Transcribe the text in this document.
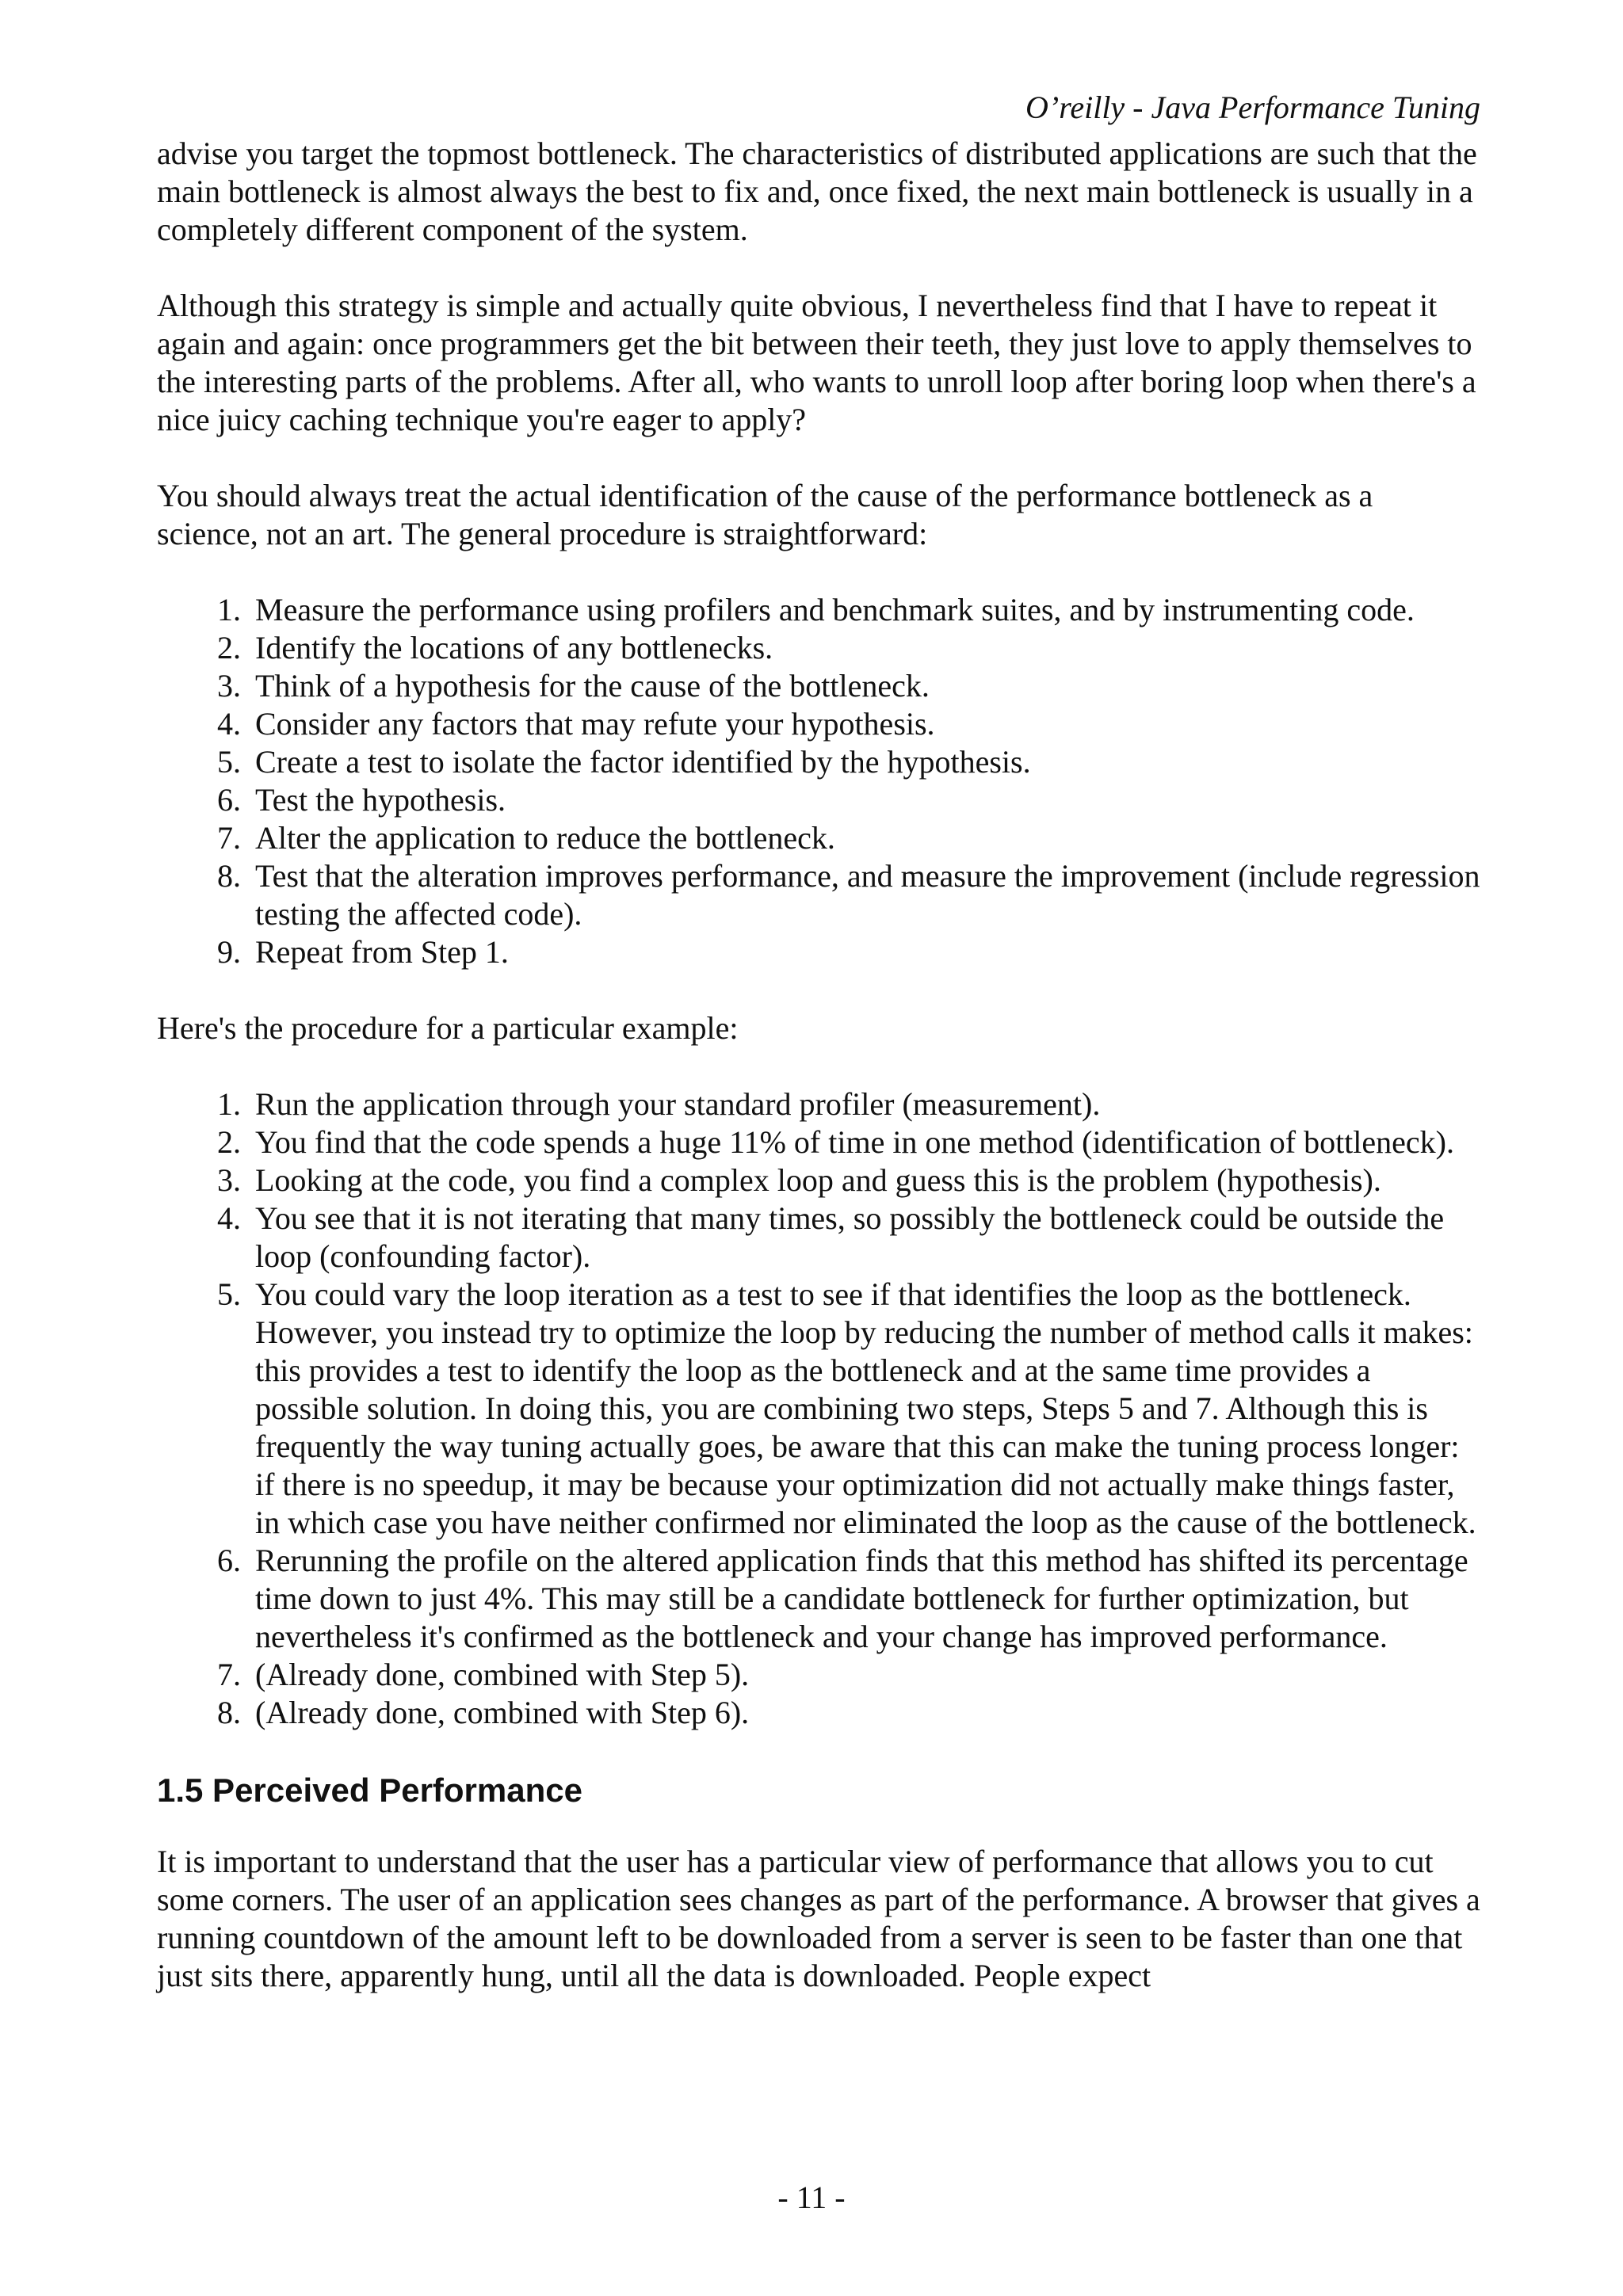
O’reilly - Java Performance Tuning

advise you target the topmost bottleneck. The characteristics of distributed applications are such that the main bottleneck is almost always the best to fix and, once fixed, the next main bottleneck is usually in a completely different component of the system.

Although this strategy is simple and actually quite obvious, I nevertheless find that I have to repeat it again and again: once programmers get the bit between their teeth, they just love to apply themselves to the interesting parts of the problems. After all, who wants to unroll loop after boring loop when there's a nice juicy caching technique you're eager to apply?

You should always treat the actual identification of the cause of the performance bottleneck as a science, not an art. The general procedure is straightforward:

1. Measure the performance using profilers and benchmark suites, and by instrumenting code.
2. Identify the locations of any bottlenecks.
3. Think of a hypothesis for the cause of the bottleneck.
4. Consider any factors that may refute your hypothesis.
5. Create a test to isolate the factor identified by the hypothesis.
6. Test the hypothesis.
7. Alter the application to reduce the bottleneck.
8. Test that the alteration improves performance, and measure the improvement (include regression testing the affected code).
9. Repeat from Step 1.

Here's the procedure for a particular example:

1. Run the application through your standard profiler (measurement).
2. You find that the code spends a huge 11% of time in one method (identification of bottleneck).
3. Looking at the code, you find a complex loop and guess this is the problem (hypothesis).
4. You see that it is not iterating that many times, so possibly the bottleneck could be outside the loop (confounding factor).
5. You could vary the loop iteration as a test to see if that identifies the loop as the bottleneck. However, you instead try to optimize the loop by reducing the number of method calls it makes: this provides a test to identify the loop as the bottleneck and at the same time provides a possible solution. In doing this, you are combining two steps, Steps 5 and 7. Although this is frequently the way tuning actually goes, be aware that this can make the tuning process longer: if there is no speedup, it may be because your optimization did not actually make things faster, in which case you have neither confirmed nor eliminated the loop as the cause of the bottleneck.
6. Rerunning the profile on the altered application finds that this method has shifted its percentage time down to just 4%. This may still be a candidate bottleneck for further optimization, but nevertheless it's confirmed as the bottleneck and your change has improved performance.
7. (Already done, combined with Step 5).
8. (Already done, combined with Step 6).
1.5 Perceived Performance

It is important to understand that the user has a particular view of performance that allows you to cut some corners. The user of an application sees changes as part of the performance. A browser that gives a running countdown of the amount left to be downloaded from a server is seen to be faster than one that just sits there, apparently hung, until all the data is downloaded. People expect

- 11 -
